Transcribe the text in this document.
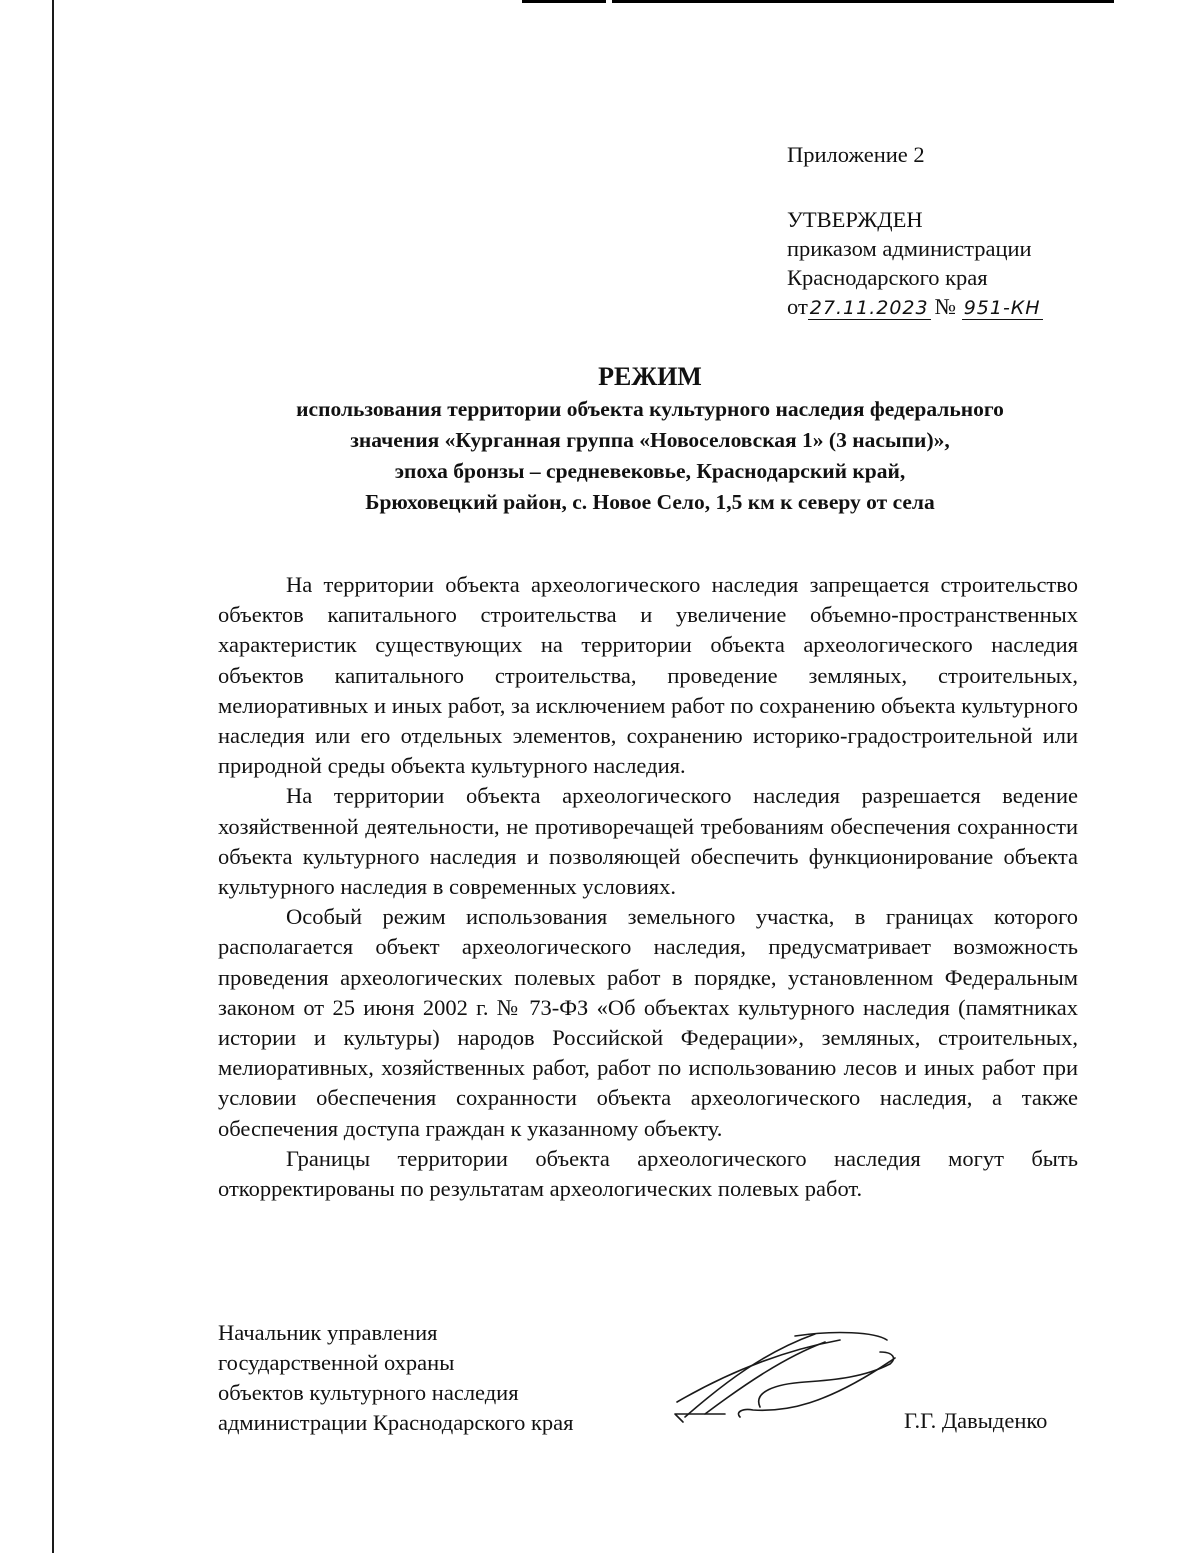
Приложение 2
УТВЕРЖДЕН
приказом администрации
Краснодарского края
от 27.11.2023 № 951-КН
РЕЖИМ
использования территории объекта культурного наследия федерального
значения «Курганная группа «Новоселовская 1» (3 насыпи)»,
эпоха бронзы – средневековье, Краснодарский край,
Брюховецкий район, с. Новое Село, 1,5 км к северу от села

На территории объекта археологического наследия запрещается строительство объектов капитального строительства и увеличение объемно-пространственных характеристик существующих на территории объекта археологического наследия объектов капитального строительства, проведение земляных, строительных, мелиоративных и иных работ, за исключением работ по сохранению объекта культурного наследия или его отдельных элементов, сохранению историко-градостроительной или природной среды объекта культурного наследия.

На территории объекта археологического наследия разрешается ведение хозяйственной деятельности, не противоречащей требованиям обеспечения сохранности объекта культурного наследия и позволяющей обеспечить функционирование объекта культурного наследия в современных условиях.

Особый режим использования земельного участка, в границах которого располагается объект археологического наследия, предусматривает возможность проведения археологических полевых работ в порядке, установленном Федеральным законом от 25 июня 2002 г. № 73-ФЗ «Об объектах культурного наследия (памятниках истории и культуры) народов Российской Федерации», земляных, строительных, мелиоративных, хозяйственных работ, работ по использованию лесов и иных работ при условии обеспечения сохранности объекта археологического наследия, а также обеспечения доступа граждан к указанному объекту.

Границы территории объекта археологического наследия могут быть откорректированы по результатам археологических полевых работ.

Начальник управления
государственной охраны
объектов культурного наследия
администрации Краснодарского края	Г.Г. Давыденко
